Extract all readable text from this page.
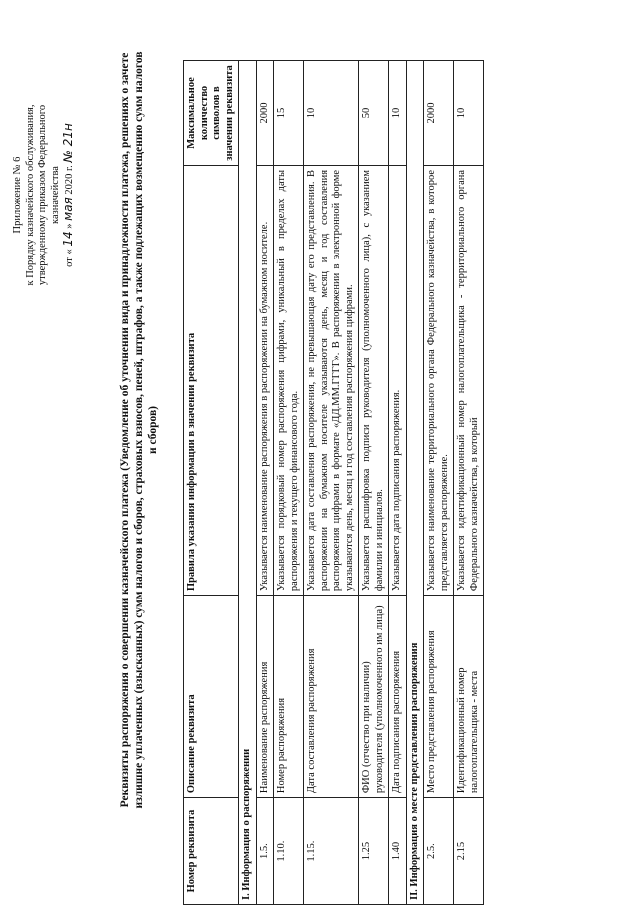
Приложение № 6 к Порядку казначейского обслуживания, утвержденному приказом Федерального казначейства
от « 14 » мая 2020 г. № 21н	Реквизиты распоряжения о совершении казначейского платежа (Уведомление об уточнении вида и принадлежности платежа, решениях о зачете излишне уплаченных (взысканных) сумм налогов и сборов, страховых взносов, пеней, штрафов, а также подлежащих возмещению сумм налогов и сборов)
Номер реквизита	Описание реквизита	Правила указания информации в значении реквизита	Максимальное количество символов в значении реквизита
I. Информация о распоряжении			
1.5.	Наименование распоряжения	Указывается наименование распоряжения в распоряжении на бумажном носителе.	2000
1.10.	Номер распоряжения	Указывается порядковый номер распоряжения цифрами, уникальный в пределах даты распоряжения и текущего финансового года.	15
1.15.	Дата составления распоряжения	Указывается дата составления распоряжения, не превышающая дату его представления. В распоряжении на бумажном носителе указываются день, месяц и год составления распоряжения цифрами в формате «ДД.ММ.ГГГГ». В распоряжении в электронной форме указываются день, месяц и год составления распоряжения цифрами.	10
1.25	ФИО (отчество при наличии) руководителя (уполномоченного им лица)	Указывается расшифровка подписи руководителя (уполномоченного лица), с указанием фамилии и инициалов.	50
1.40	Дата подписания распоряжения	Указывается дата подписания распоряжения.	10
II. Информация о месте представления распоряжения			
2.5.	Место представления распоряжения	Указывается наименование территориального органа Федерального казначейства, в которое представляется распоряжение.	2000
2.15	Идентификационный номер налогоплательщика - места	Указывается идентификационный номер налогоплательщика - территориального органа Федерального казначейства, в который	10
